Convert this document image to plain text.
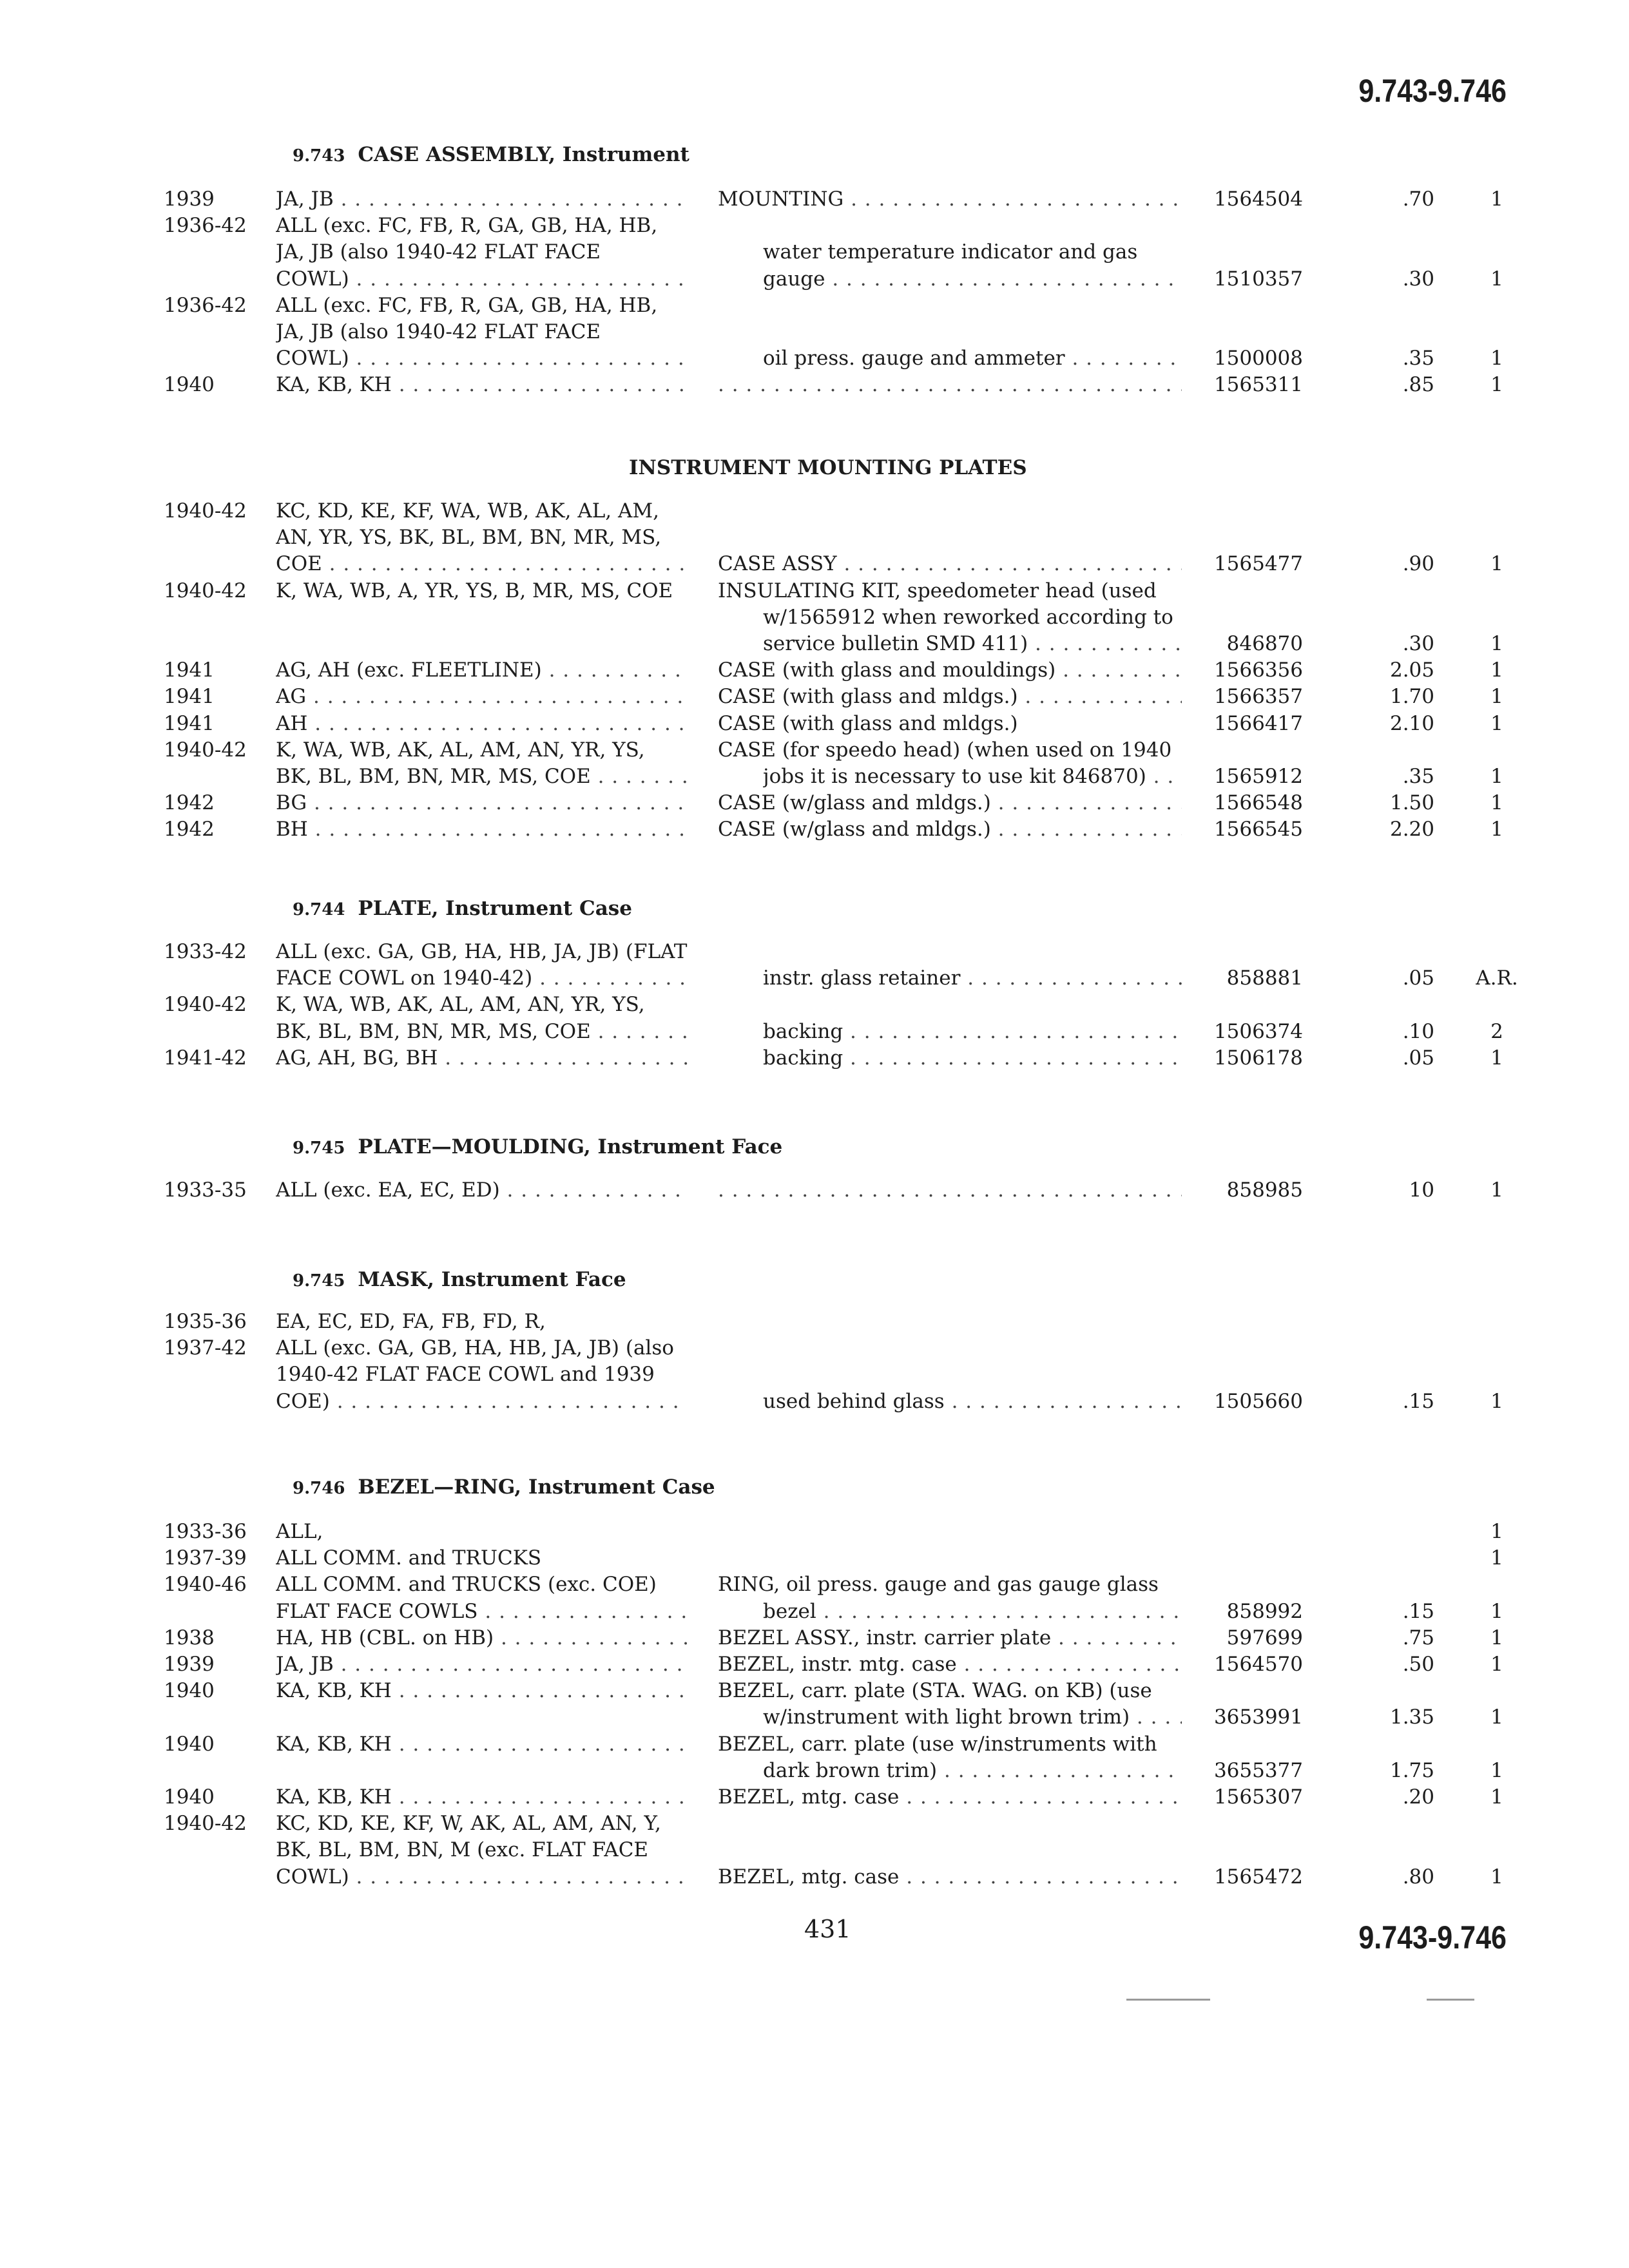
9.743-9.746
9.743 CASE ASSEMBLY, Instrument
1939	JA, JB . . .	MOUNTING . . .	1564504	.70	1
1936-42 ALL (exc. FC, FB, R, GA, GB, HA, HB,
JA, JB (also 1940-42 FLAT FACE	water temperature indicator and gas
COWL) . . .	gauge . . .	1510357	.30	1
1936-42 ALL (exc. FC, FB, R, GA, GB, HA, HB,
JA, JB (also 1940-42 FLAT FACE
COWL) . . .	oil press. gauge and ammeter . . .	1500008	.35	1
1940	KA, KB, KH . . . . . .	1565311	.85	1
INSTRUMENT MOUNTING PLATES
1940-42 KC, KD, KE, KF, WA, WB, AK, AL, AM,
AN, YR, YS, BK, BL, BM, BN, MR, MS,
COE . . .	CASE ASSY . . .	1565477	.90	1
1940-42 K, WA, WB, A, YR, YS, B, MR, MS, COE	INSULATING KIT, speedometer head (used
w/1565912 when reworked according to
service bulletin SMD 411) . . .	846870	.30	1
1941	AG, AH (exc. FLEETLINE) . . .	CASE (with glass and mouldings) . . .	1566356	2.05	1
1941	AG . . .	CASE (with glass and mldgs.) . . .	1566357	1.70	1
1941	AH . . .	CASE (with glass and mldgs.)	1566417	2.10	1
1940-42 K, WA, WB, AK, AL, AM, AN, YR, YS,	CASE (for speedo head) (when used on 1940
BK, BL, BM, BN, MR, MS, COE . . .	jobs it is necessary to use kit 846870) . . .	1565912	.35	1
1942	BG . . .	CASE (w/glass and mldgs.) . . .	1566548	1.50	1
1942	BH . . .	CASE (w/glass and mldgs.) . . .	1566545	2.20	1
9.744 PLATE, Instrument Case
1933-42 ALL (exc. GA, GB, HA, HB, JA, JB) (FLAT
FACE COWL on 1940-42) . . .	instr. glass retainer . . .	858881	.05	A.R.
1940-42 K, WA, WB, AK, AL, AM, AN, YR, YS,
BK, BL, BM, BN, MR, MS, COE . . .	backing . . .	1506374	.10	2
1941-42 AG, AH, BG, BH . . .	backing . . .	1506178	.05	1
9.745 PLATE—MOULDING, Instrument Face
1933-35 ALL (exc. EA, EC, ED) . . . . . .	858985	10	1
9.745 MASK, Instrument Face
1935-36 EA, EC, ED, FA, FB, FD, R,
1937-42 ALL (exc. GA, GB, HA, HB, JA, JB) (also
1940-42 FLAT FACE COWL and 1939
COE) . . .	used behind glass . . .	1505660	.15	1
9.746 BEZEL—RING, Instrument Case
1933-36 ALL,	1
1937-39 ALL COMM. and TRUCKS	1
1940-46 ALL COMM. and TRUCKS (exc. COE)	RING, oil press. gauge and gas gauge glass
FLAT FACE COWLS . . .	bezel . . .	858992	.15	1
1938	HA, HB (CBL. on HB) . . .	BEZEL ASSY., instr. carrier plate . . .	597699	.75	1
1939	JA, JB . . .	BEZEL, instr. mtg. case . . .	1564570	.50	1
1940	KA, KB, KH . . .	BEZEL, carr. plate (STA. WAG. on KB) (use
w/instrument with light brown trim) . . .	3653991	1.35	1
1940	KA, KB, KH . . .	BEZEL, carr. plate (use w/instruments with
dark brown trim) . . .	3655377	1.75	1
1940	KA, KB, KH . . .	BEZEL, mtg. case . . .	1565307	.20	1
1940-42 KC, KD, KE, KF, W, AK, AL, AM, AN, Y,
BK, BL, BM, BN, M (exc. FLAT FACE
COWL) . . .	BEZEL, mtg. case . . .	1565472	.80	1
431	9.743-9.746
